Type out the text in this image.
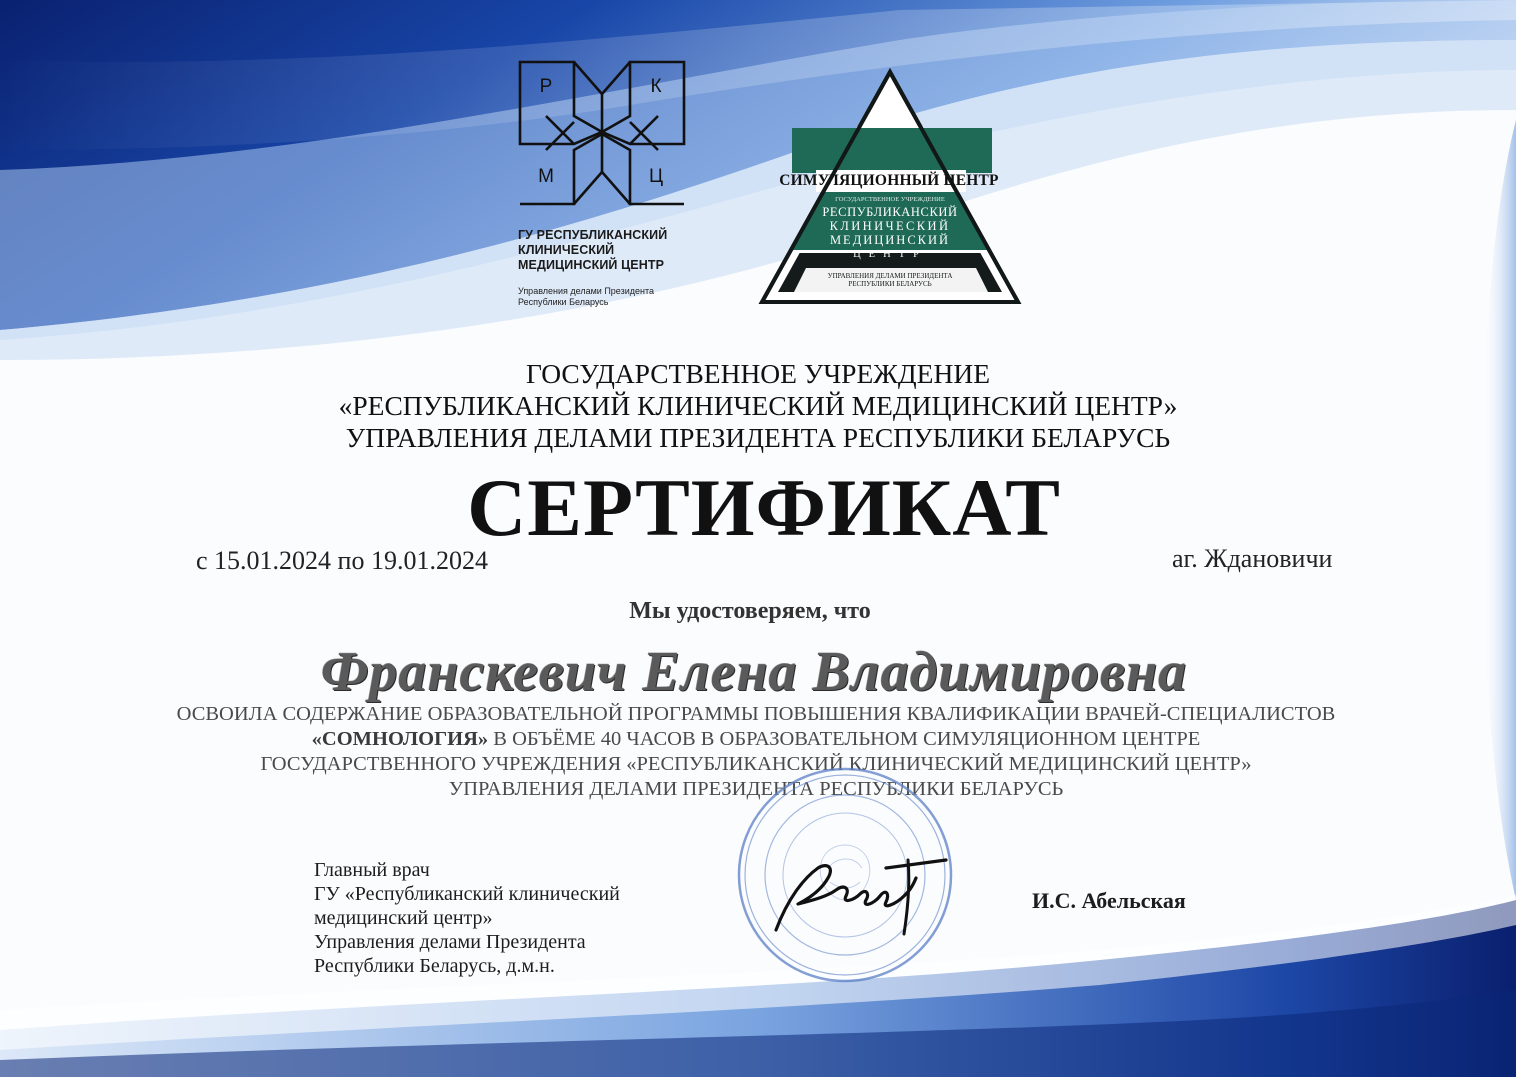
Р	К
М	Ц
ГУ РЕСПУБЛИКАНСКИЙ
КЛИНИЧЕСКИЙ
МЕДИЦИНСКИЙ ЦЕНТР
Управления делами Президента
Республики Беларусь
СИМУЛЯЦИОННЫЙ ЦЕНТР
ГОСУДАРСТВЕННОЕ УЧРЕЖДЕНИЕ
РЕСПУБЛИКАНСКИЙ
КЛИНИЧЕСКИЙ
МЕДИЦИНСКИЙ
ЦЕНТР
УПРАВЛЕНИЯ ДЕЛАМИ ПРЕЗИДЕНТА
РЕСПУБЛИКИ БЕЛАРУСЬ
ГОСУДАРСТВЕННОЕ УЧРЕЖДЕНИЕ
«РЕСПУБЛИКАНСКИЙ КЛИНИЧЕСКИЙ МЕДИЦИНСКИЙ ЦЕНТР»
УПРАВЛЕНИЯ ДЕЛАМИ ПРЕЗИДЕНТА РЕСПУБЛИКИ БЕЛАРУСЬ
СЕРТИФИКАТ
с 15.01.2024 по 19.01.2024	аг. Ждановичи
Мы удостоверяем, что
Франскевич Елена Владимировна
ОСВОИЛА СОДЕРЖАНИЕ ОБРАЗОВАТЕЛЬНОЙ ПРОГРАММЫ ПОВЫШЕНИЯ КВАЛИФИКАЦИИ ВРАЧЕЙ-СПЕЦИАЛИСТОВ
«СОМНОЛОГИЯ» В ОБЪЁМЕ 40 ЧАСОВ В ОБРАЗОВАТЕЛЬНОМ СИМУЛЯЦИОННОМ ЦЕНТРЕ
ГОСУДАРСТВЕННОГО УЧРЕЖДЕНИЯ «РЕСПУБЛИКАНСКИЙ КЛИНИЧЕСКИЙ МЕДИЦИНСКИЙ ЦЕНТР»
УПРАВЛЕНИЯ ДЕЛАМИ ПРЕЗИДЕНТА РЕСПУБЛИКИ БЕЛАРУСЬ
Главный врач
ГУ «Республиканский клинический
медицинский центр»
Управления делами Президента
Республики Беларусь, д.м.н.
И.С. Абельская
